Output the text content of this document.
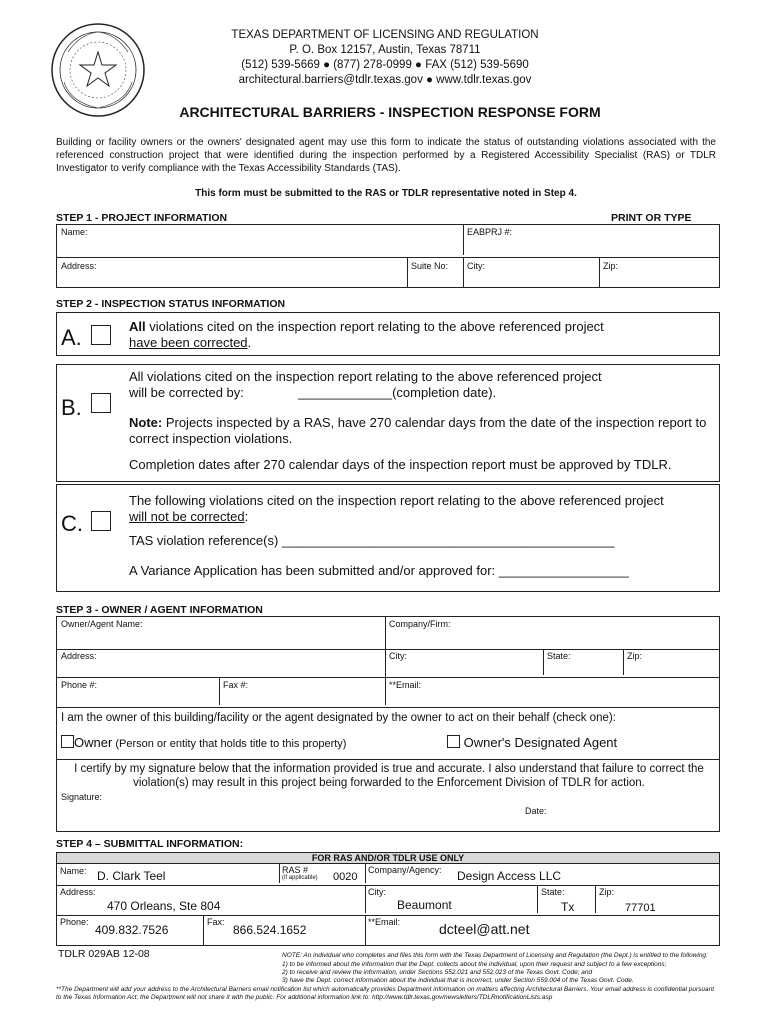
TEXAS DEPARTMENT OF LICENSING AND REGULATION
P. O. Box 12157, Austin, Texas 78711
(512) 539-5669 ● (877) 278-0999 ● FAX (512) 539-5690
architectural.barriers@tdlr.texas.gov ● www.tdlr.texas.gov
ARCHITECTURAL BARRIERS - INSPECTION RESPONSE FORM
Building or facility owners or the owners' designated agent may use this form to indicate the status of outstanding violations associated with the referenced construction project that were identified during the inspection performed by a Registered Accessibility Specialist (RAS) or TDLR Investigator to verify compliance with the Texas Accessibility Standards (TAS).
This form must be submitted to the RAS or TDLR representative noted in Step 4.
STEP 1 - PROJECT INFORMATION	PRINT OR TYPE
Name:	EABPRJ #:
Address:	Suite No: City:	Zip:
STEP 2 - INSPECTION STATUS INFORMATION
A.	All violations cited on the inspection report relating to the above referenced project
have been corrected.
B.
All violations cited on the inspection report relating to the above referenced project
will be corrected by:	_____________(completion date).
Note: Projects inspected by a RAS, have 270 calendar days from the date of the inspection report to correct inspection violations.
Completion dates after 270 calendar days of the inspection report must be approved by TDLR.
C.
The following violations cited on the inspection report relating to the above referenced project
will not be corrected:
TAS violation reference(s) ______________________________________________
A Variance Application has been submitted and/or approved for: __________________
STEP 3 - OWNER / AGENT INFORMATION
Owner/Agent Name:	Company/Firm:
Address:	City:	State:	Zip:
Phone #:	Fax #:	**Email:
I am the owner of this building/facility or the agent designated by the owner to act on their behalf (check one):
Owner (Person or entity that holds title to this property)	Owner's Designated Agent
I certify by my signature below that the information provided is true and accurate. I also understand that failure to correct the violation(s) may result in this project being forwarded to the Enforcement Division of TDLR for action.
Signature:
Date:
STEP 4 – SUBMITTAL INFORMATION:
FOR RAS AND/OR TDLR USE ONLY
Name: D. Clark Teel	RAS #
(if applicable) 0020
Company/Agency: Design Access LLC
Address:
470 Orleans, Ste 804
City:
Beaumont
State:
Tx
Zip:
77701
Phone:
409.832.7526
Fax:
866.524.1652
**Email:	dcteel@att.net
TDLR 029AB 12-08	NOTE: An individual who completes and files this form with the Texas Department of Licensing and Regulation (the Dept.) is entitled to the following:
1) to be informed about the information that the Dept. collects about the individual, upon their request and subject to a few exceptions;
2) to receive and review the information, under Sections 552.021 and 552.023 of the Texas Govt. Code; and
3) have the Dept. correct information about the individual that is incorrect, under Section 559.004 of the Texas Govt. Code.
**The Department will add your address to the Architectural Barriers email notification list which automatically provides Department information on matters affecting Architectural Barriers. Your email address is confidential pursuant to the Texas Information Act; the Department will not share it with the public. For additional information link to: http://www.tdlr.texas.gov/newsletters/TDLRnotificationLists.asp
